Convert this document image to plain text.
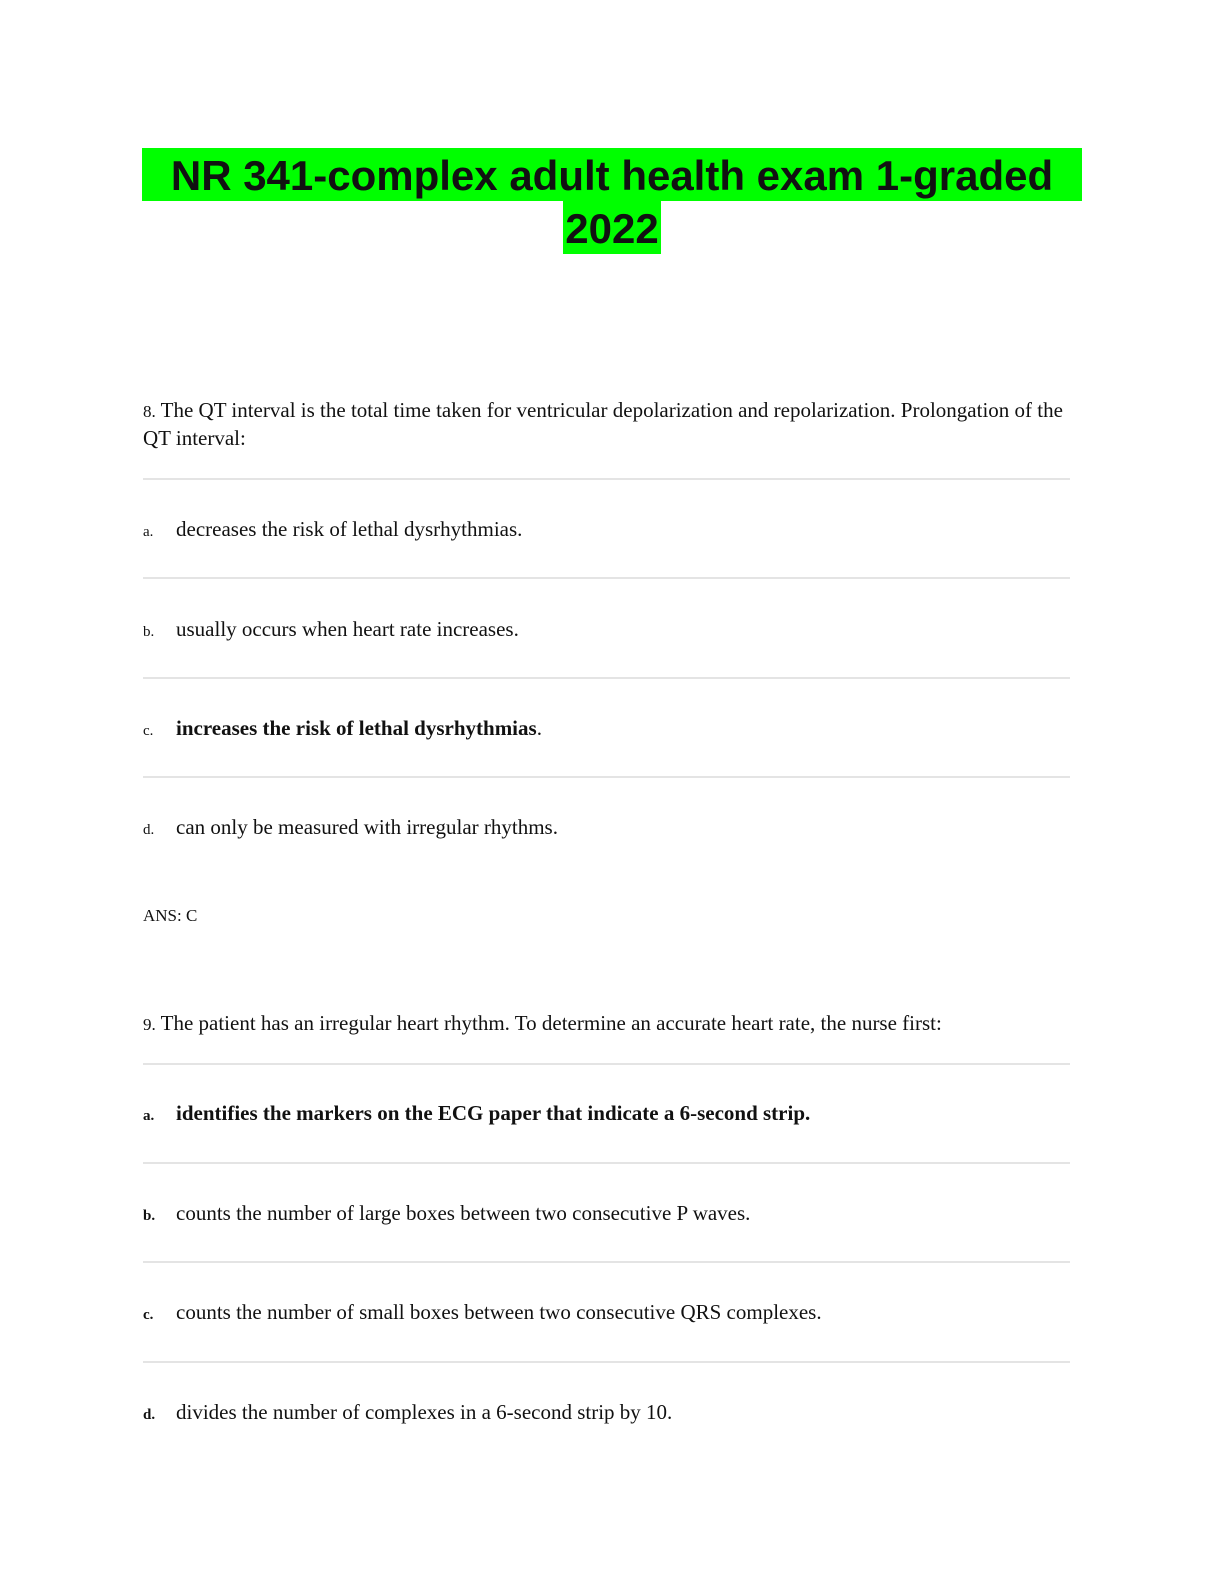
NR 341-complex adult health exam 1-graded
2022
8. The QT interval is the total time taken for ventricular depolarization and repolarization. Prolongation of the QT interval:
a. decreases the risk of lethal dysrhythmias.
b. usually occurs when heart rate increases.
c. increases the risk of lethal dysrhythmias.
d. can only be measured with irregular rhythms.
ANS: C
9. The patient has an irregular heart rhythm. To determine an accurate heart rate, the nurse first:
a. identifies the markers on the ECG paper that indicate a 6-second strip.
b. counts the number of large boxes between two consecutive P waves.
c. counts the number of small boxes between two consecutive QRS complexes.
d. divides the number of complexes in a 6-second strip by 10.
